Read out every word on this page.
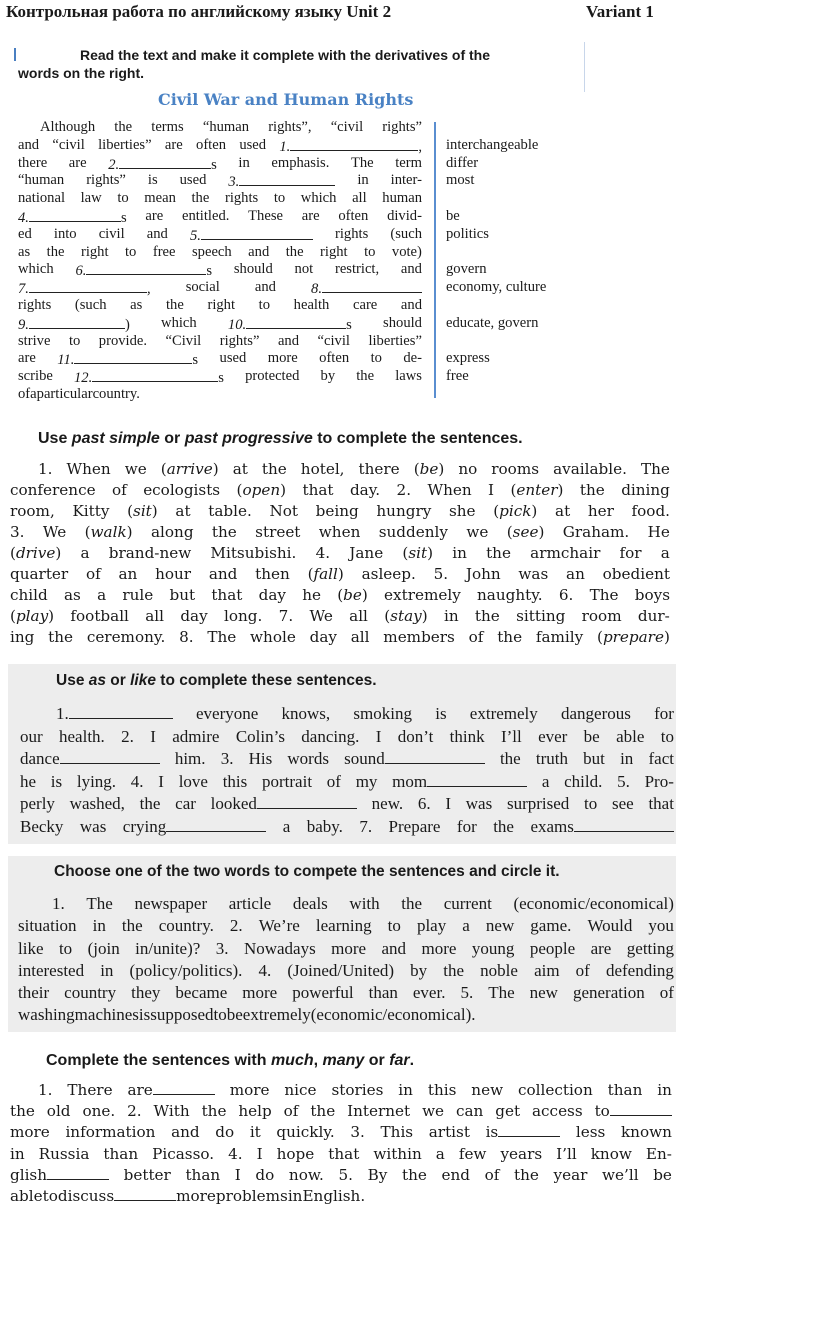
Контрольная работа по английскому языку Unit 2	Variant 1
Read the text and make it complete with the derivatives of the
words on the right.
Civil War and Human Rights
Although the terms “human rights”, “civil rights”
and “civil liberties” are often used 1.	,
there are 2.	s in emphasis. The term
“human rights” is used 3.	in inter-
national law to mean the rights to which all human
4.	s are entitled. These are often divid-
ed into civil and 5.	rights (such
as the right to free speech and the right to vote)
which 6.	s should not restrict, and
7.	, social and 8.
rights (such as the right to health care and
9.	) which 10.	s should
strive to provide. “Civil rights” and “civil liberties”
are 11.	s used more often to de-
scribe 12.	s protected by the laws
of a particular country.
interchangeable
differ
most
be
politics
govern
economy, culture
educate, govern
express
free
Use past simple or past progressive to complete the sentences.
1. When we (arrive) at the hotel, there (be) no rooms available. The
conference of ecologists (open) that day. 2. When I (enter) the dining
room, Kitty (sit) at table. Not being hungry she (pick) at her food.
3. We (walk) along the street when suddenly we (see) Graham. He
(drive) a brand-new Mitsubishi. 4. Jane (sit) in the armchair for a
quarter of an hour and then (fall) asleep. 5. John was an obedient
child as a rule but that day he (be) extremely naughty. 6. The boys
(play) football all day long. 7. We all (stay) in the sitting room dur-
ing the ceremony. 8. The whole day all members of the family (prepare)
Use as or like to complete these sentences.
1.	everyone knows, smoking is extremely dangerous for
our health. 2. I admire Colin’s dancing. I don’t think I’ll ever be able to
dance	him. 3. His words sound	the truth but in fact
he is lying. 4. I love this portrait of my mom	a child. 5. Pro-
perly washed, the car looked	new. 6. I was surprised to see that
Becky was crying	a baby. 7. Prepare for the exams
Choose one of the two words to compete the sentences and circle it.
1. The newspaper article deals with the current (economic/economical)
situation in the country. 2. We’re learning to play a new game. Would you
like to (join in/unite)? 3. Nowadays more and more young people are getting
interested in (policy/politics). 4. (Joined/United) by the noble aim of defending
their country they became more powerful than ever. 5. The new generation of
washing machines is supposed to be extremely (economic/economical).
Complete the sentences with much, many or far.
1. There are	more nice stories in this new collection than in
the old one. 2. With the help of the Internet we can get access to
more information and do it quickly. 3. This artist is	less known
in Russia than Picasso. 4. I hope that within a few years I’ll know En-
glish	better than I do now. 5. By the end of the year we’ll be
able to discuss	more problems in English.
